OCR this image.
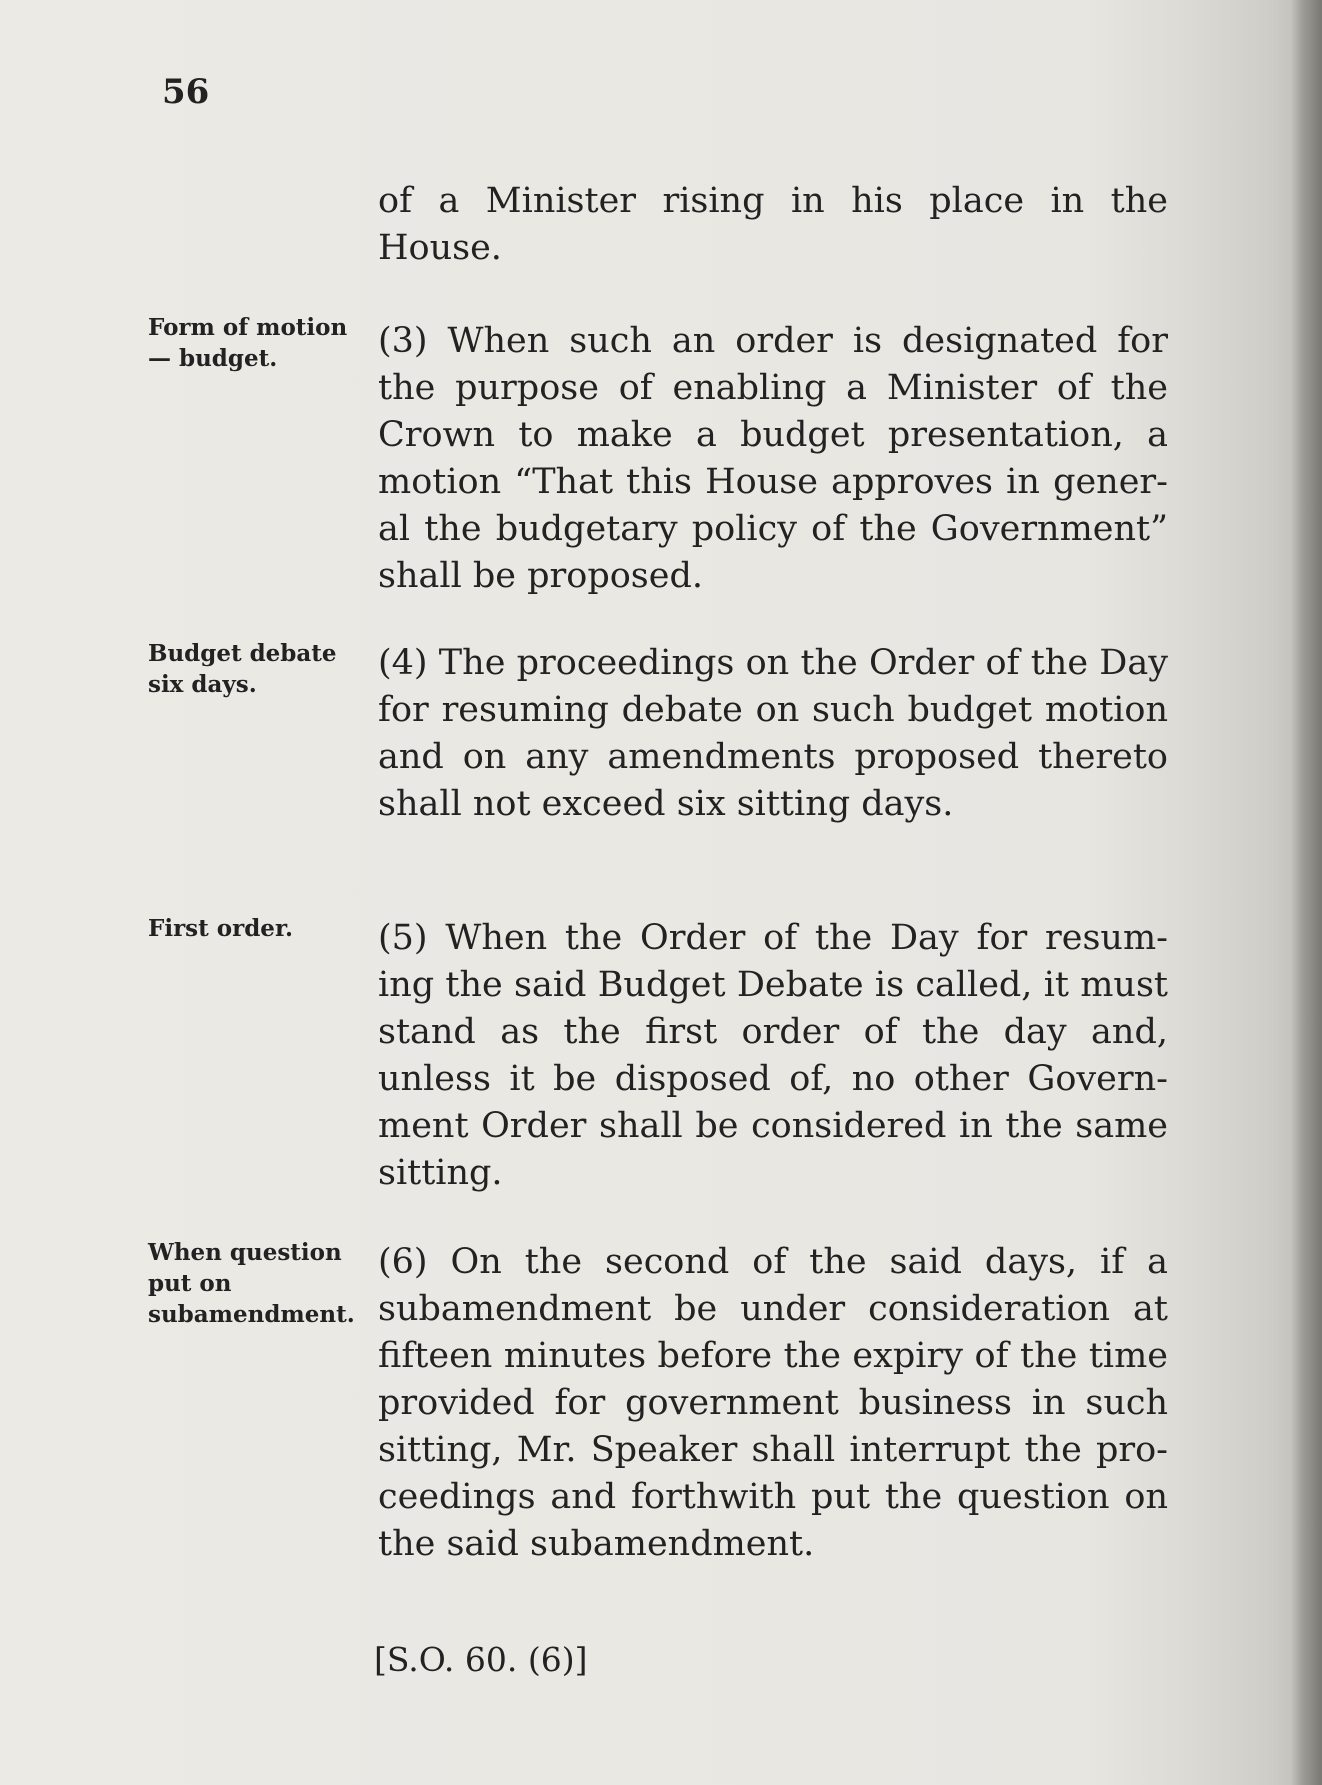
56

Form of motion— budget.

Budget debate six days.

First order.

When question put on subamendment.

of a Minister rising in his place in the House.

(3) When such an order is designated for the purpose of enabling a Minister of the Crown to make a budget presentation, a motion “That this House approves in gener-al the budgetary policy of the Government” shall be proposed.

(4) The proceedings on the Order of the Day for resuming debate on such budget motion and on any amendments proposed thereto shall not exceed six sitting days.

(5) When the Order of the Day for resum-ing the said Budget Debate is called, it must stand as the first order of the day and, unless it be disposed of, no other Govern-ment Order shall be considered in the same sitting.

(6) On the second of the said days, if a subamendment be under consideration at fifteen minutes before the expiry of the time provided for government business in such sitting, Mr. Speaker shall interrupt the pro-ceedings and forthwith put the question on the said subamendment.

[S.O. 60. (6)]
